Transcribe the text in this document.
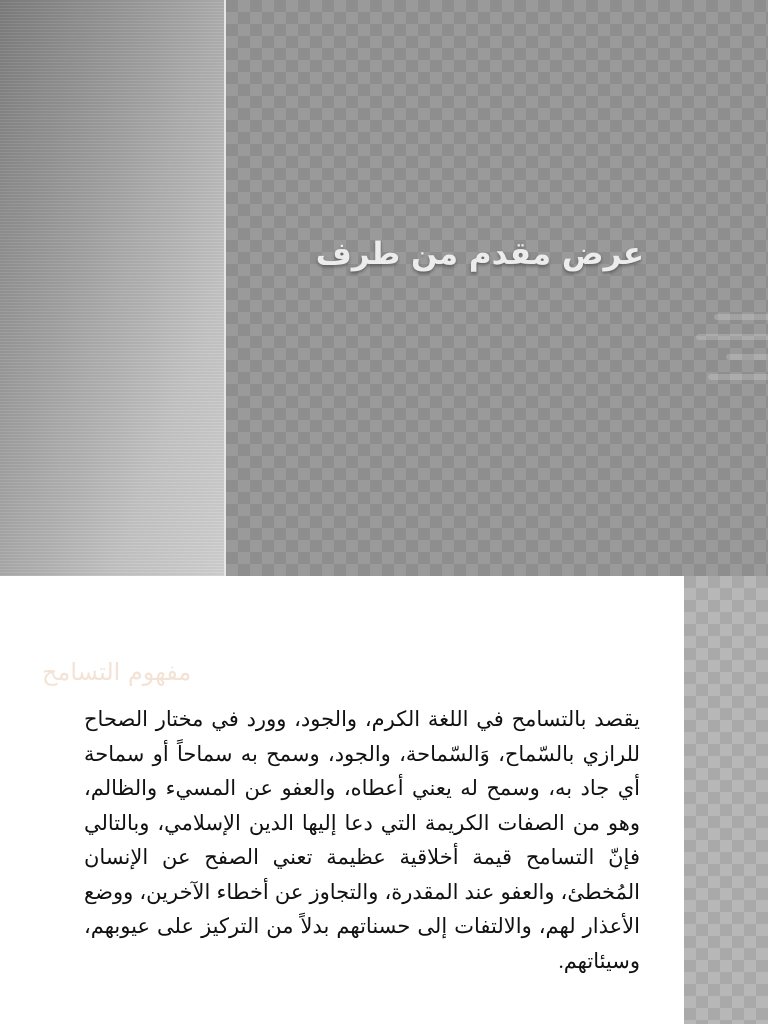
عرض مقدم من طرف
مفهوم التسامح

يقصد بالتسامح في اللغة الكرم، والجود، وورد في مختار الصحاح للرازي بالسّماح، وَالسّماحة، والجود، وسمح به سماحاً أو سماحة أي جاد به، وسمح له يعني أعطاه، والعفو عن المسيء والظالم، وهو من الصفات الكريمة التي دعا إليها الدين الإسلامي، وبالتالي فإنّ التسامح قيمة أخلاقية عظيمة تعني الصفح عن الإنسان المُخطئ، والعفو عند المقدرة، والتجاوز عن أخطاء الآخرين، ووضع الأعذار لهم، والالتفات إلى حسناتهم بدلاً من التركيز على عيوبهم، وسيئاتهم.
